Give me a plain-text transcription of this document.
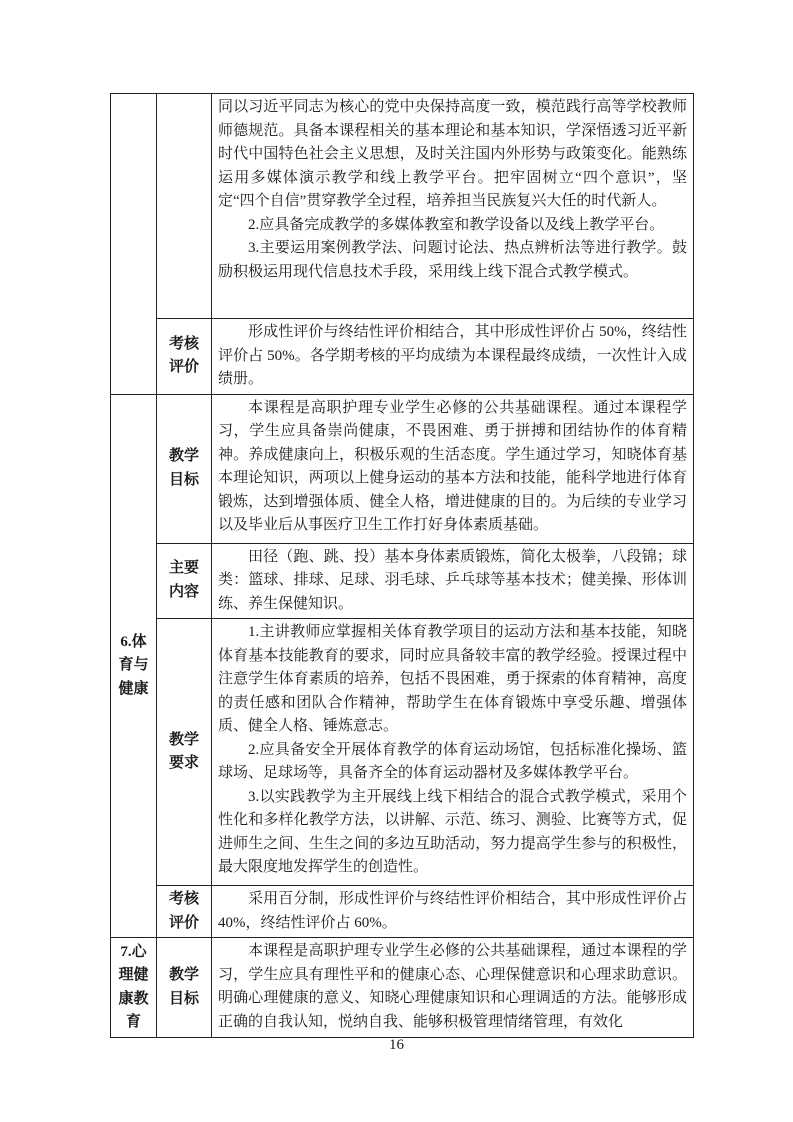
		同以习近平同志为核心的党中央保持高度一致，模范践行高等学校教师师德规范。具备本课程相关的基本理论和基本知识，学深悟透习近平新时代中国特色社会主义思想，及时关注国内外形势与政策变化。能熟练运用多媒体演示教学和线上教学平台。把牢固树立“四个意识”，坚定“四个自信”贯穿教学全过程，培养担当民族复兴大任的时代新人。

2.应具备完成教学的多媒体教室和教学设备以及线上教学平台。

3.主要运用案例教学法、问题讨论法、热点辨析法等进行教学。鼓励积极运用现代信息技术手段，采用线上线下混合式教学模式。

	考核评价	形成性评价与终结性评价相结合，其中形成性评价占 50%，终结性评价占 50%。各学期考核的平均成绩为本课程最终成绩，一次性计入成绩册。

6.体育与健康	教学目标	本课程是高职护理专业学生必修的公共基础课程。通过本课程学习，学生应具备崇尚健康，不畏困难、勇于拼搏和团结协作的体育精神。养成健康向上，积极乐观的生活态度。学生通过学习，知晓体育基本理论知识，两项以上健身运动的基本方法和技能，能科学地进行体育锻炼，达到增强体质、健全人格，增进健康的目的。为后续的专业学习以及毕业后从事医疗卫生工作打好身体素质基础。

	主要内容	田径（跑、跳、投）基本身体素质锻炼，简化太极拳，八段锦；球类：篮球、排球、足球、羽毛球、乒乓球等基本技术；健美操、形体训练、养生保健知识。

	教学要求	1.主讲教师应掌握相关体育教学项目的运动方法和基本技能，知晓体育基本技能教育的要求，同时应具备较丰富的教学经验。授课过程中注意学生体育素质的培养，包括不畏困难，勇于探索的体育精神，高度的责任感和团队合作精神，帮助学生在体育锻炼中享受乐趣、增强体质、健全人格、锤炼意志。

2.应具备安全开展体育教学的体育运动场馆，包括标准化操场、篮球场、足球场等，具备齐全的体育运动器材及多媒体教学平台。

3.以实践教学为主开展线上线下相结合的混合式教学模式，采用个性化和多样化教学方法，以讲解、示范、练习、测验、比赛等方式，促进师生之间、生生之间的多边互助活动，努力提高学生参与的积极性，最大限度地发挥学生的创造性。

	考核评价	采用百分制，形成性评价与终结性评价相结合，其中形成性评价占 40%，终结性评价占 60%。

7.心理健康教育	教学目标	本课程是高职护理专业学生必修的公共基础课程，通过本课程的学习，学生应具有理性平和的健康心态、心理保健意识和心理求助意识。明确心理健康的意义、知晓心理健康知识和心理调适的方法。能够形成正确的自我认知，悦纳自我、能够积极管理情绪管理，有效化

16
